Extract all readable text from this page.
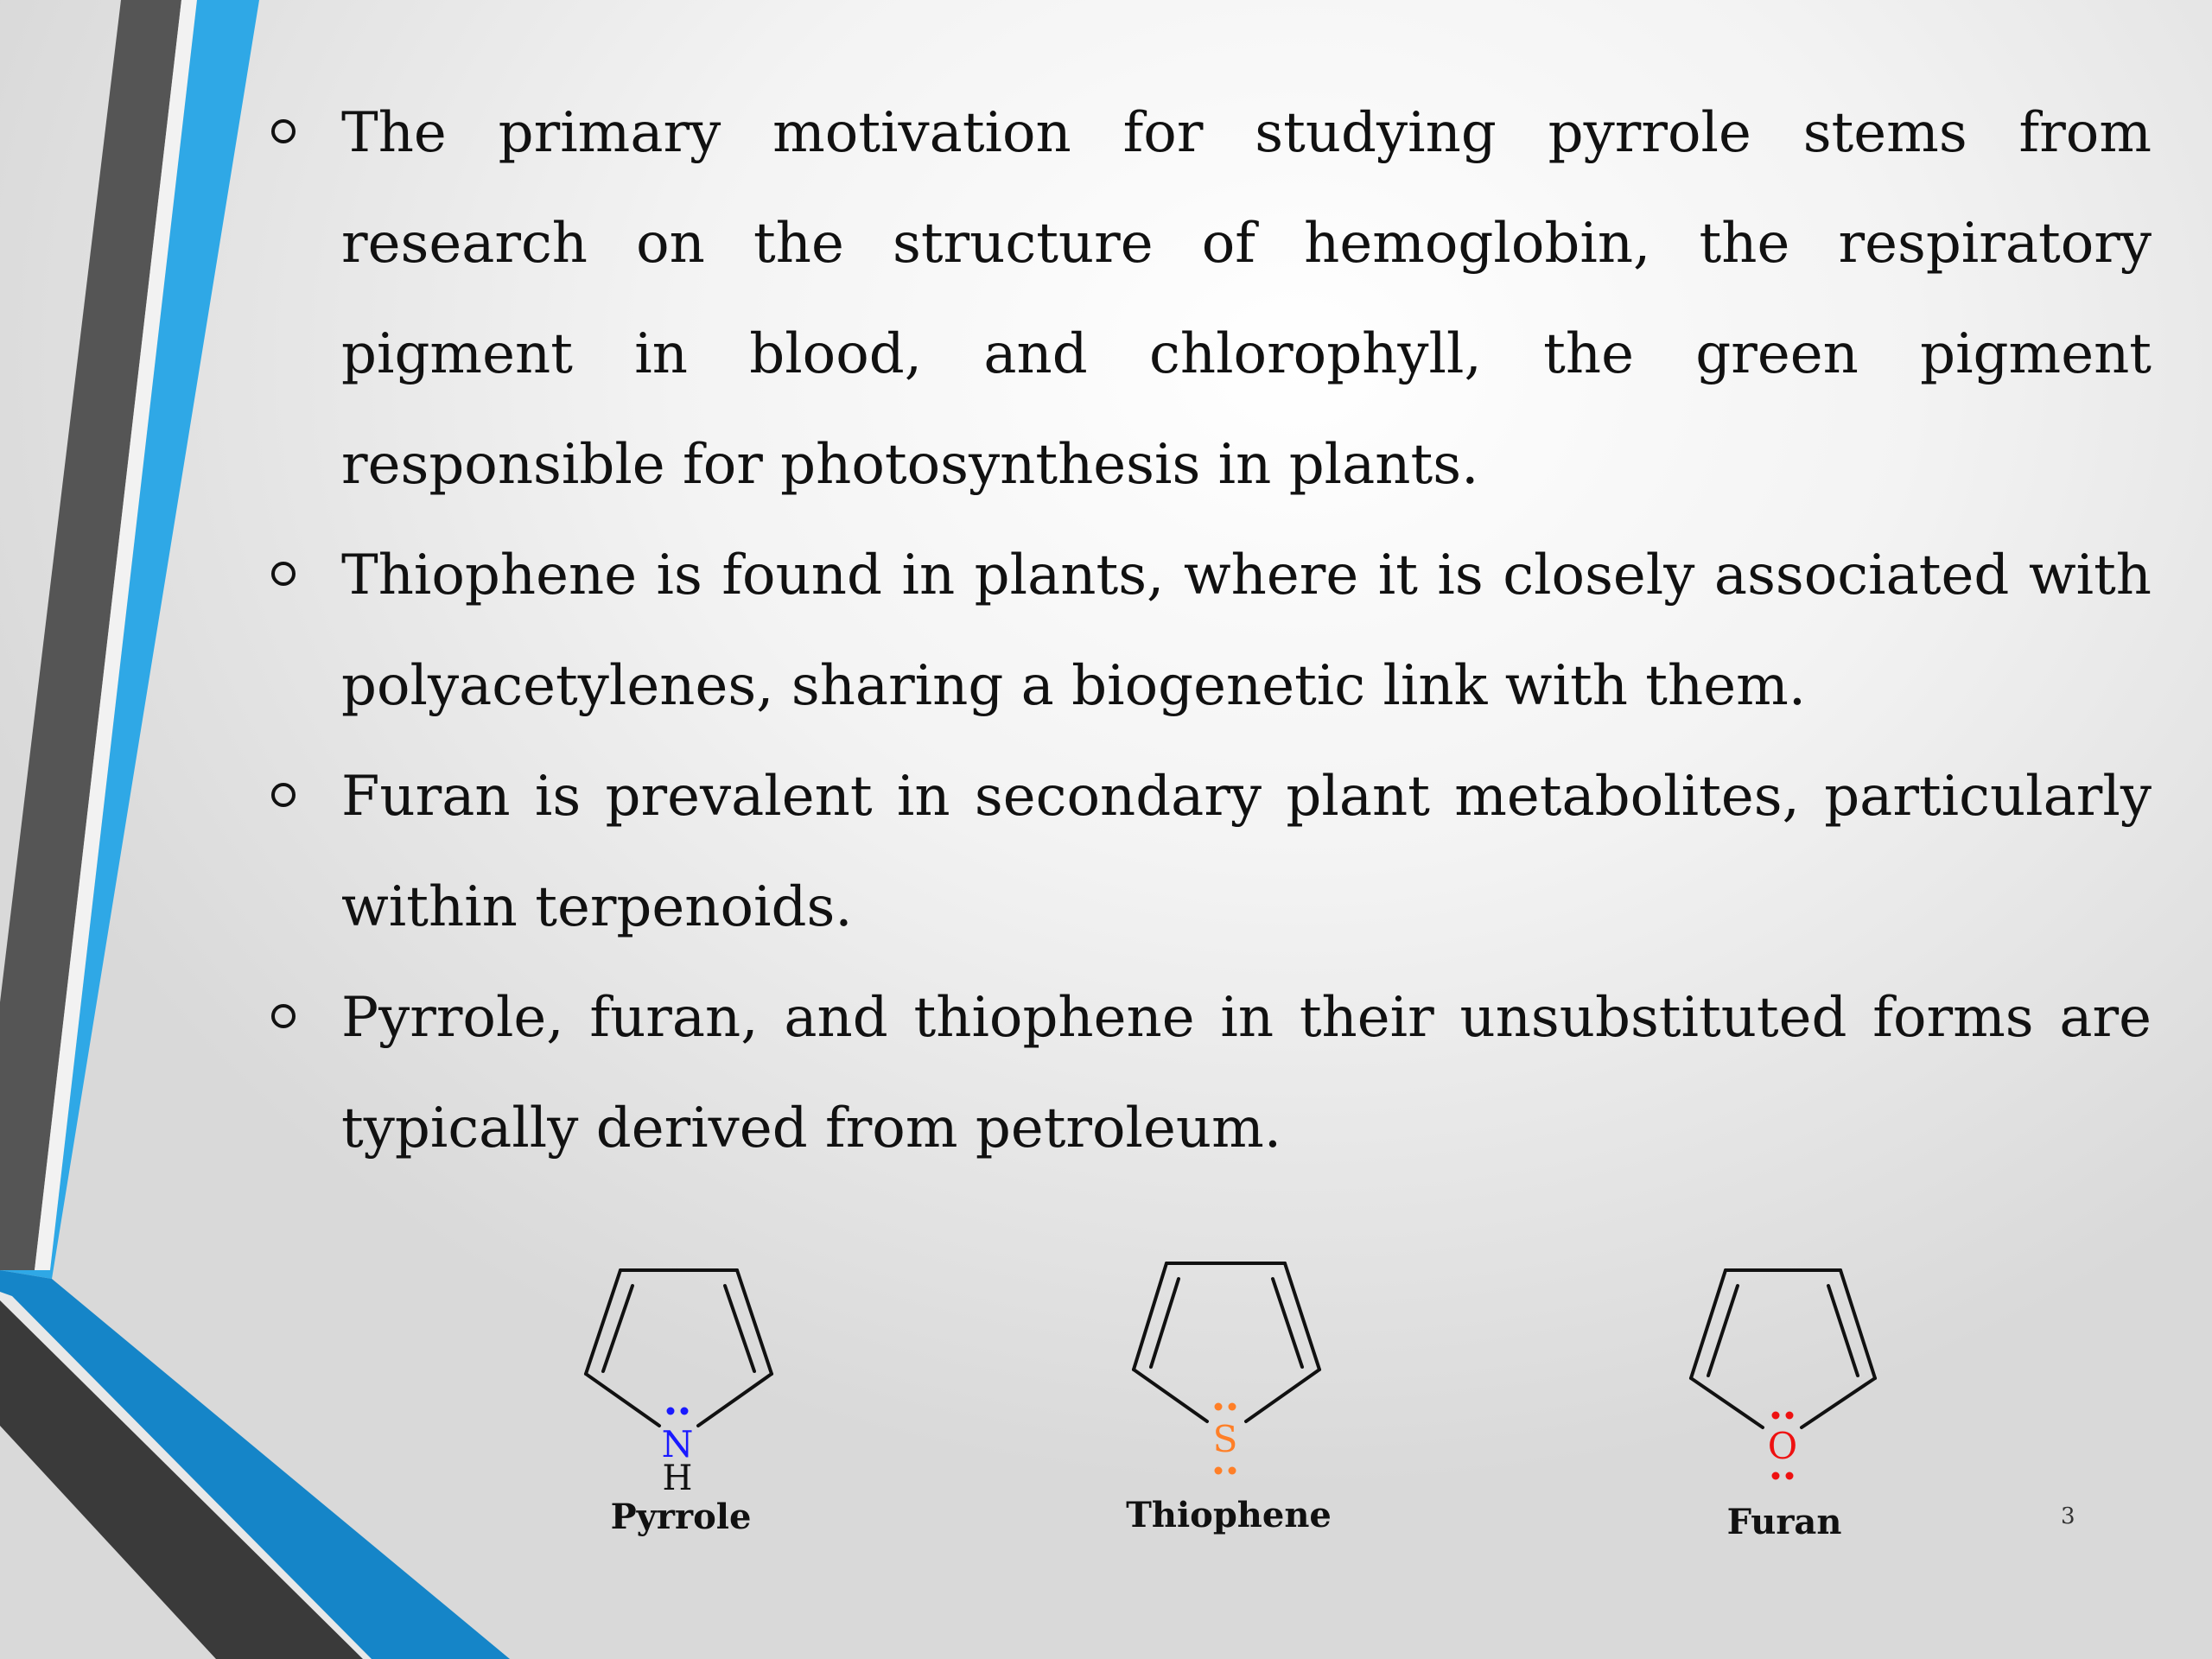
The primary motivation for studying pyrrole stems from research on the structure of hemoglobin, the respiratory pigment in blood, and chlorophyll, the green pigment responsible for photosynthesis in plants.
Thiophene is found in plants, where it is closely associated with polyacetylenes, sharing a biogenetic link with them.
Furan is prevalent in secondary plant metabolites, particularly within terpenoids.
Pyrrole, furan, and thiophene in their unsubstituted forms are typically derived from petroleum.
N
H
Pyrrole
S
Thiophene
O
Furan	3
